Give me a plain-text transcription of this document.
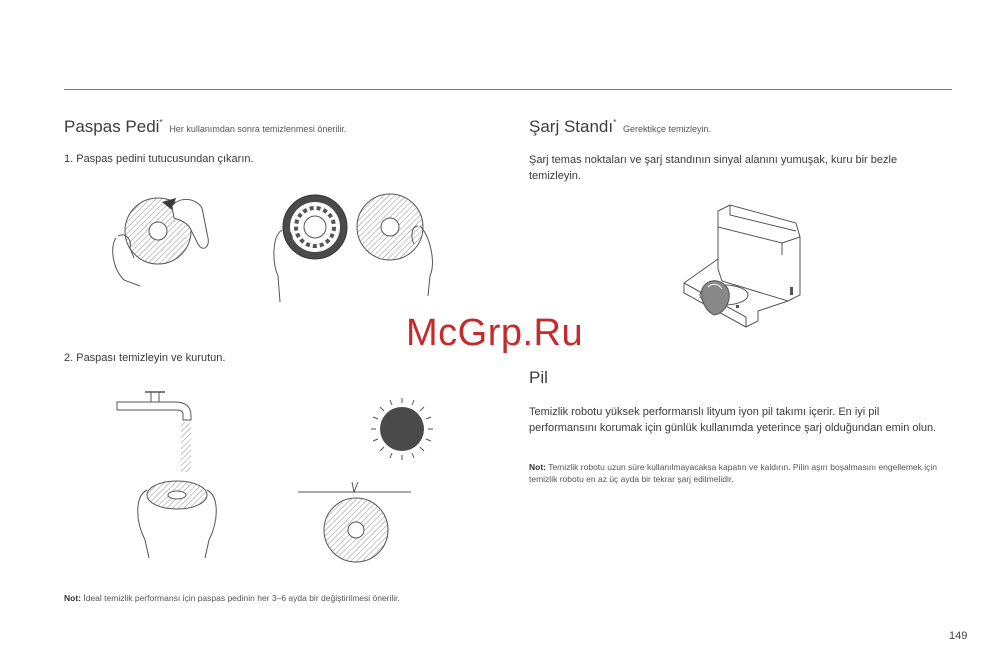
Paspas Pedi* Her kullanımdan sonra temizlenmesi önerilir.
1. Paspas pedini tutucusundan çıkarın.
2. Paspası temizleyin ve kurutun.
Not: İdeal temizlik performansı için paspas pedinin her 3–6 ayda bir değiştirilmesi önerilir.
Şarj Standı* Gerektikçe temizleyin.
Şarj temas noktaları ve şarj standının sinyal alanını yumuşak, kuru bir bezle temizleyin.
Pil
Temizlik robotu yüksek performanslı lityum iyon pil takımı içerir. En iyi pil performansını korumak için günlük kullanımda yeterince şarj olduğundan emin olun.
Not: Temizlik robotu uzun süre kullanılmayacaksa kapatın ve kaldırın. Pilin aşırı boşalmasını engellemek için temizlik robotu en az üç ayda bir tekrar şarj edilmelidir.
McGrp.Ru
149
